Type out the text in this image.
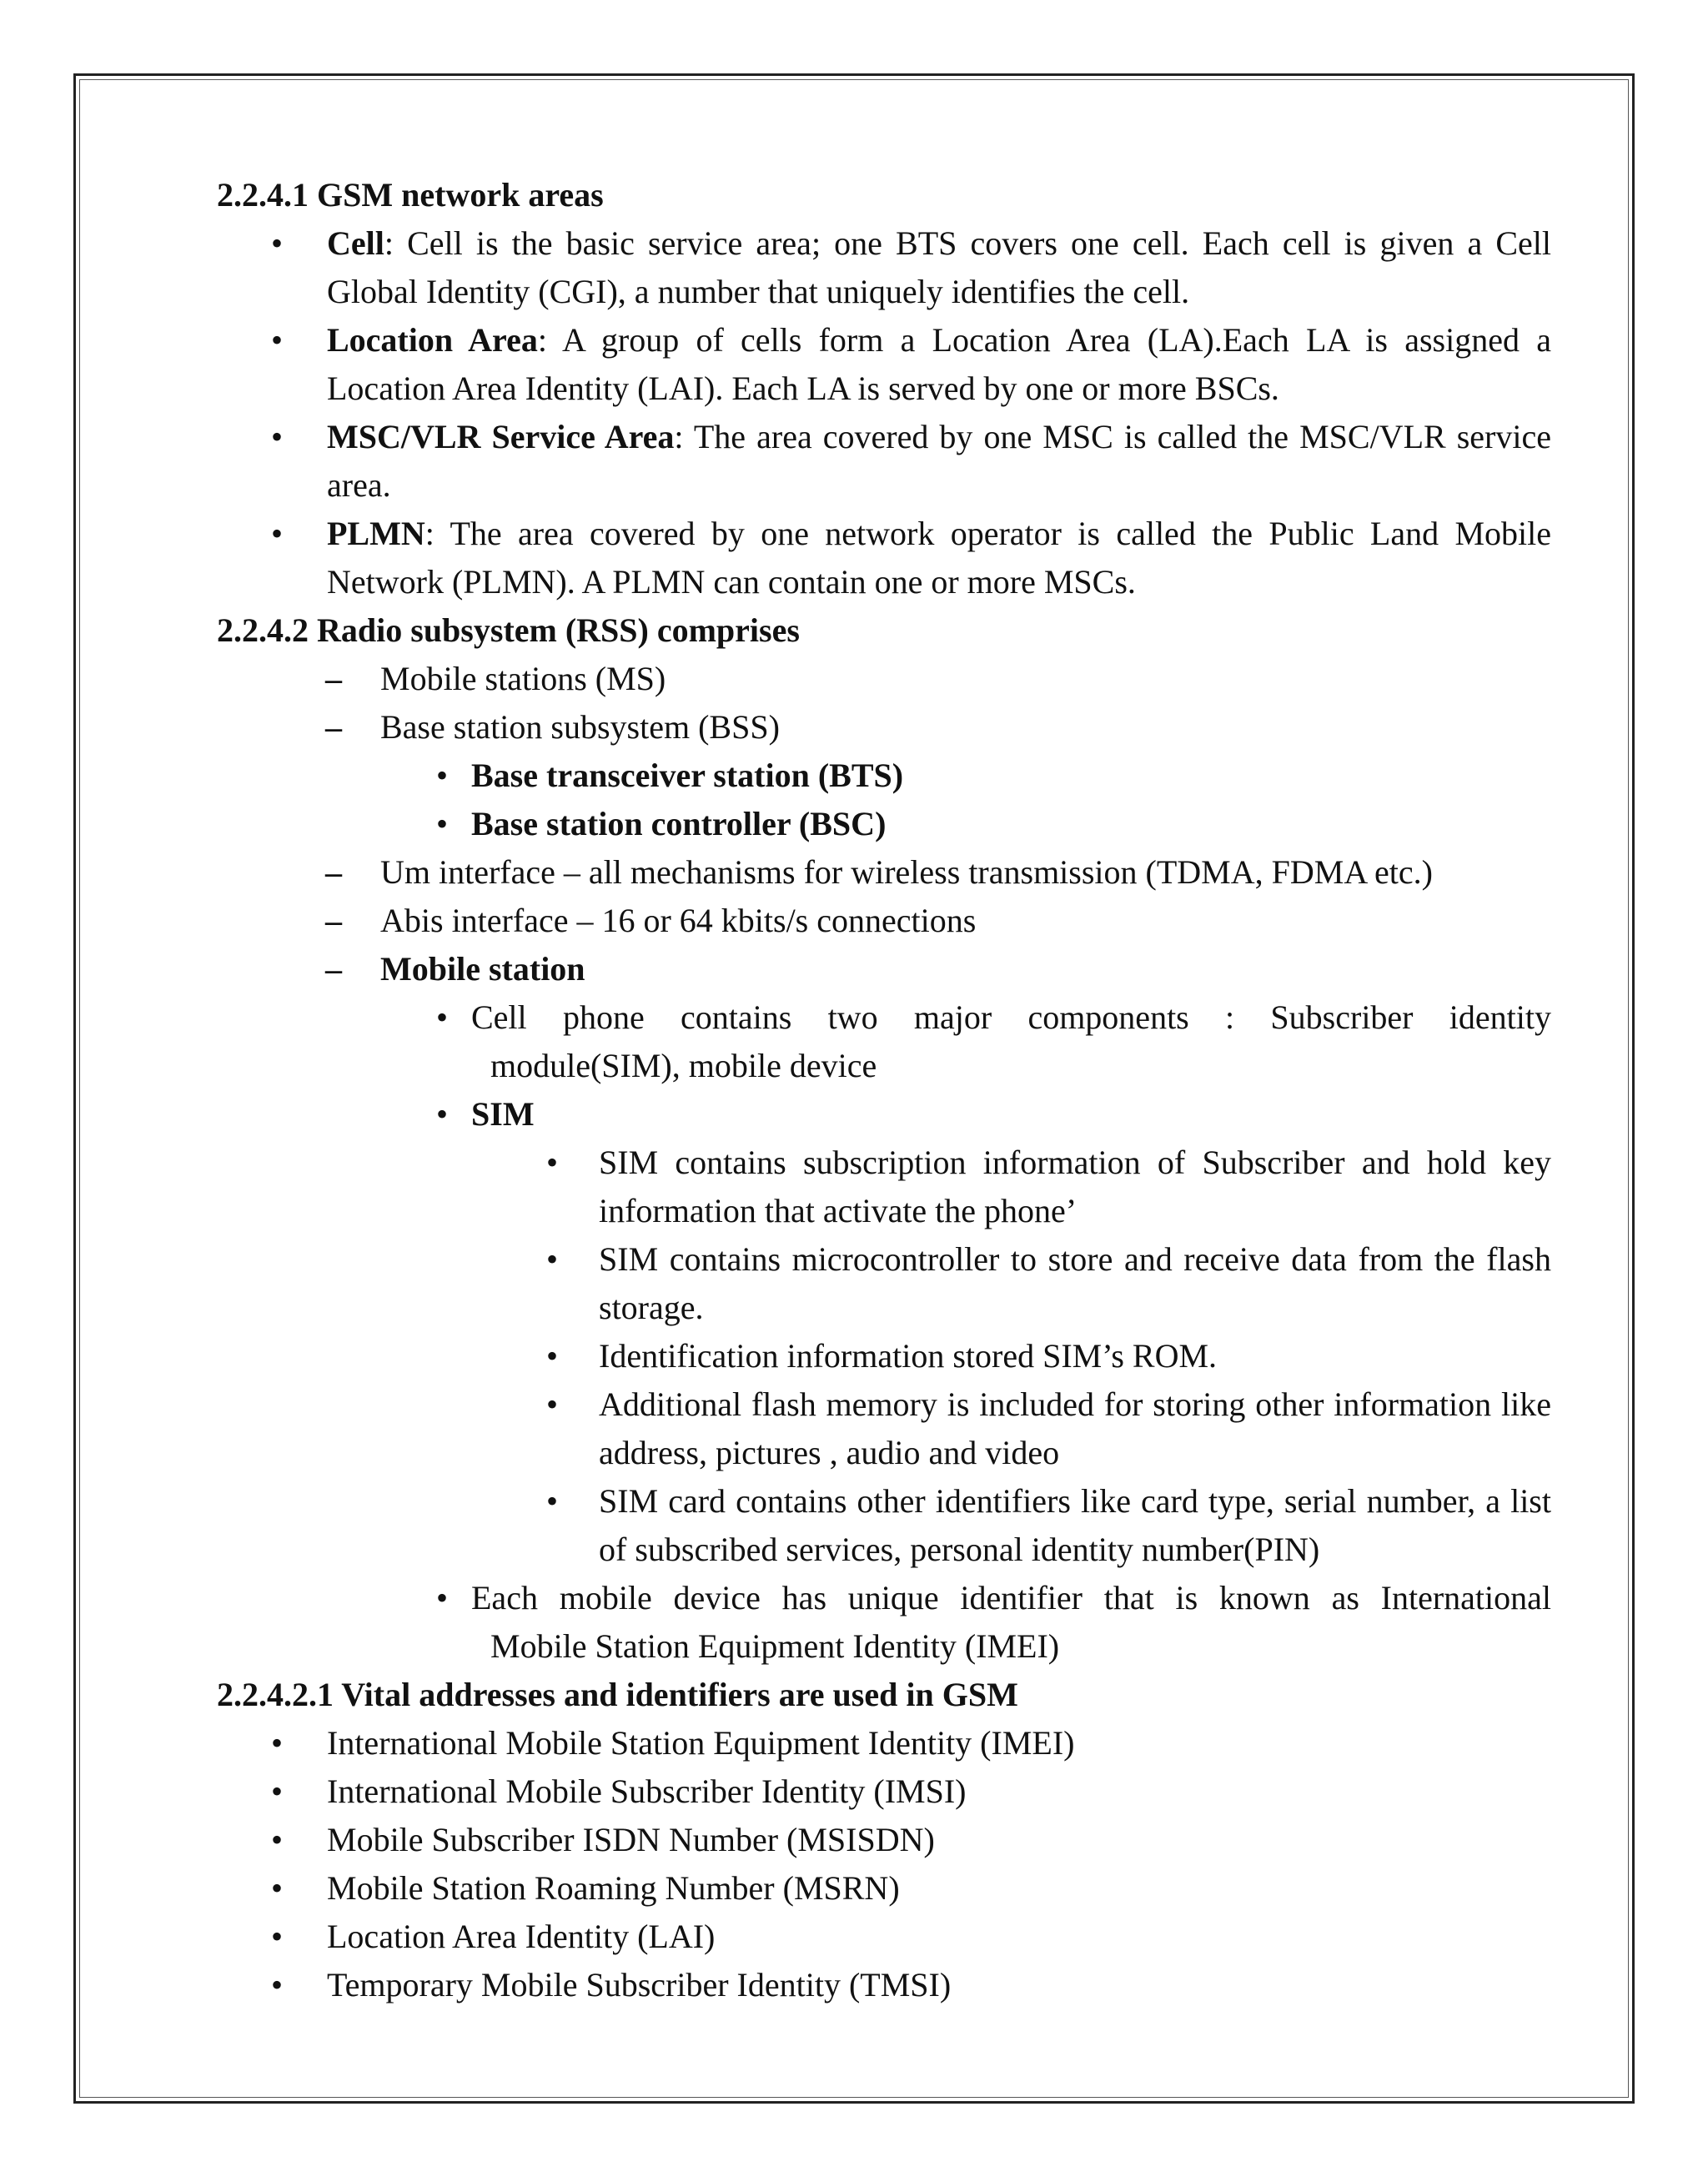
2.2.4.1 GSM network areas
• Cell: Cell is the basic service area; one BTS covers one cell. Each cell is given a Cell Global Identity (CGI), a number that uniquely identifies the cell.
• Location Area: A group of cells form a Location Area (LA).Each LA is assigned a Location Area Identity (LAI). Each LA is served by one or more BSCs.
• MSC/VLR Service Area: The area covered by one MSC is called the MSC/VLR service area.
• PLMN: The area covered by one network operator is called the Public Land Mobile Network (PLMN). A PLMN can contain one or more MSCs.
2.2.4.2 Radio subsystem (RSS) comprises
– Mobile stations (MS)
– Base station subsystem (BSS)
• Base transceiver station (BTS)
• Base station controller (BSC)
– Um interface – all mechanisms for wireless transmission (TDMA, FDMA etc.)
– Abis interface – 16 or 64 kbits/s connections
– Mobile station
• Cell phone contains two major components : Subscriber identity
module(SIM), mobile device
• SIM
• SIM contains subscription information of Subscriber and hold key information that activate the phone’
• SIM contains microcontroller to store and receive data from the flash storage.
• Identification information stored SIM’s ROM.
• Additional flash memory is included for storing other information like address, pictures , audio and video
• SIM card contains other identifiers like card type, serial number, a list of subscribed services, personal identity number(PIN)
• Each mobile device has unique identifier that is known as International
Mobile Station Equipment Identity (IMEI)
2.2.4.2.1 Vital addresses and identifiers are used in GSM
• International Mobile Station Equipment Identity (IMEI)
• International Mobile Subscriber Identity (IMSI)
• Mobile Subscriber ISDN Number (MSISDN)
• Mobile Station Roaming Number (MSRN)
• Location Area Identity (LAI)
• Temporary Mobile Subscriber Identity (TMSI)
